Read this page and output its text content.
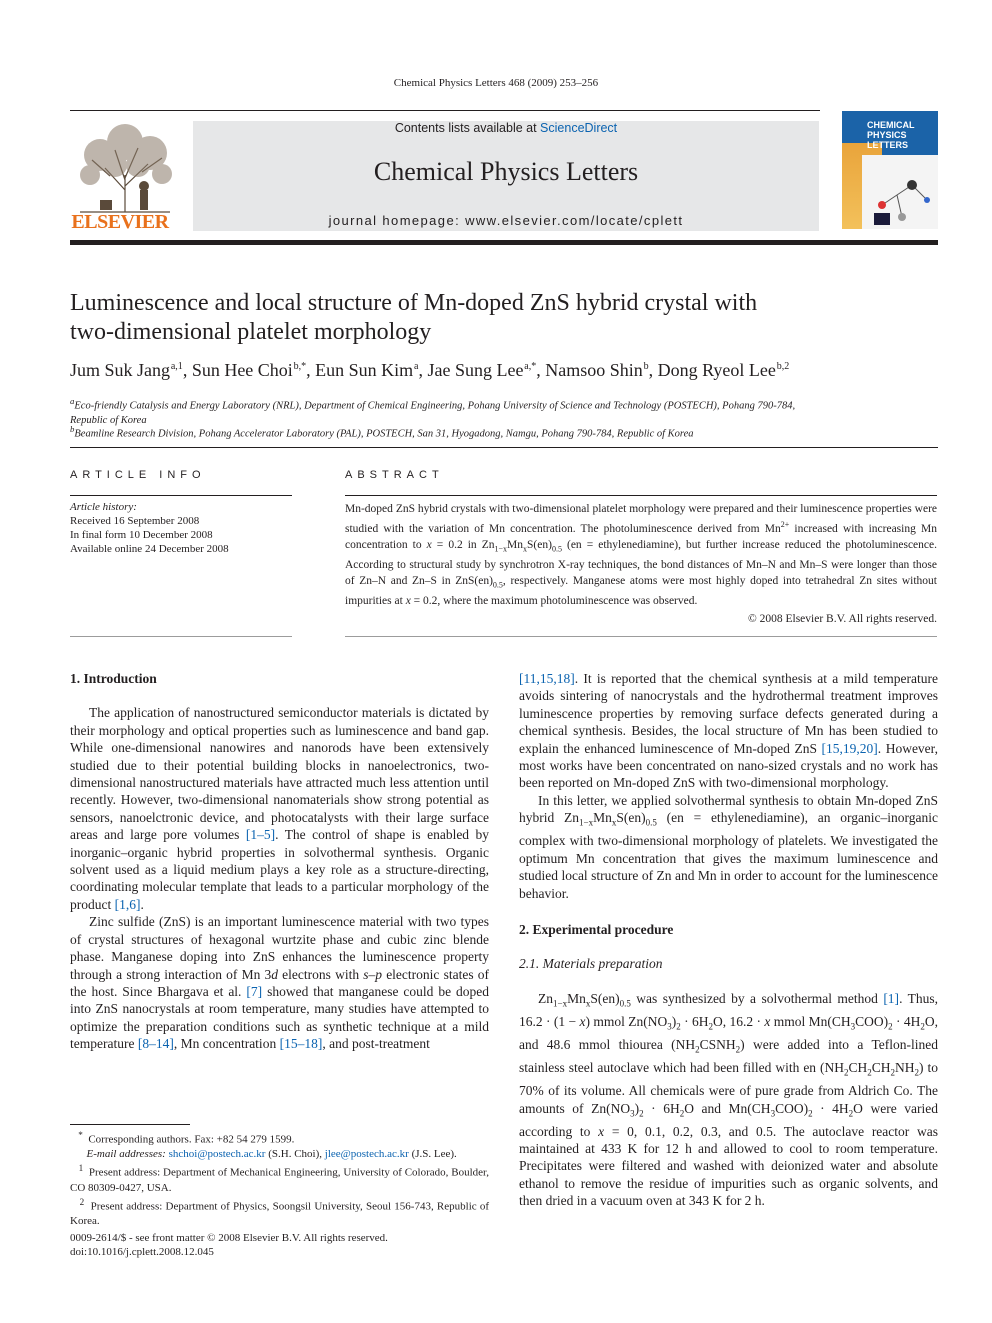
Chemical Physics Letters 468 (2009) 253–256
ELSEVIER
Contents lists available at ScienceDirect
Chemical Physics Letters
journal homepage: www.elsevier.com/locate/cplett
CHEMICAL
PHYSICS
LETTERS
Luminescence and local structure of Mn-doped ZnS hybrid crystal with
two-dimensional platelet morphology
Jum Suk Jang $^{a,1}$, Sun Hee Choi $^{b,*}$, Eun Sun Kim $^a$, Jae Sung Lee $^{a,*}$, Namsoo Shin $^b$, Dong Ryeol Lee $^{b,2}$
$^a$Eco-friendly Catalysis and Energy Laboratory (NRL), Department of Chemical Engineering, Pohang University of Science and Technology (POSTECH), Pohang 790-784,
Republic of Korea
$^b$Beamline Research Division, Pohang Accelerator Laboratory (PAL), POSTECH, San 31, Hyogadong, Namgu, Pohang 790-784, Republic of Korea
ARTICLE INFO
Article history:
Received 16 September 2008
In final form 10 December 2008
Available online 24 December 2008
ABSTRACT
Mn-doped ZnS hybrid crystals with two-dimensional platelet morphology were prepared and their luminescence properties were studied with the variation of Mn concentration. The photoluminescence derived from $Mn^{2+}$ increased with increasing Mn concentration to x = 0.2 in $Zn_{1-x}Mn_xS(en)_{0.5}$ (en = ethylenediamine), but further increase reduced the photoluminescence. According to structural study by synchrotron X-ray techniques, the bond distances of Mn–N and Mn–S were longer than those of Zn–N and Zn–S in $ZnS(en)_{0.5}$, respectively. Manganese atoms were most highly doped into tetrahedral Zn sites without impurities at x = 0.2, where the maximum photoluminescence was observed.
© 2008 Elsevier B.V. All rights reserved.
1. Introduction

The application of nanostructured semiconductor materials is dictated by their morphology and optical properties such as luminescence and band gap. While one-dimensional nanowires and nanorods have been extensively studied due to their potential building blocks in nanoelectronics, two-dimensional nanostructured materials have attracted much less attention until recently. However, two-dimensional nanomaterials show strong potential as sensors, nanoelctronic device, and photocatalysts with their large surface areas and large pore volumes [1–5]. The control of shape is enabled by inorganic–organic hybrid properties in solvothermal synthesis. Organic solvent used as a liquid medium plays a key role as a structure-directing, coordinating molecular template that leads to a particular morphology of the product [1,6].

Zinc sulfide (ZnS) is an important luminescence material with two types of crystal structures of hexagonal wurtzite phase and cubic zinc blende phase. Manganese doping into ZnS enhances the luminescence property through a strong interaction of Mn 3d electrons with s–p electronic states of the host. Since Bhargava et al. [7] showed that manganese could be doped into ZnS nanocrystals at room temperature, many studies have attempted to optimize the preparation conditions such as synthetic technique at a mild temperature [8–14], Mn concentration [15–18], and post-treatment

[11,15,18]. It is reported that the chemical synthesis at a mild temperature avoids sintering of nanocrystals and the hydrothermal treatment improves luminescence properties by removing surface defects generated during a chemical synthesis. Besides, the local structure of Mn has been studied to explain the enhanced luminescence of Mn-doped ZnS [15,19,20]. However, most works have been concentrated on nano-sized crystals and no work has been reported on Mn-doped ZnS with two-dimensional morphology.

In this letter, we applied solvothermal synthesis to obtain Mn-doped ZnS hybrid $Zn_{1-x}Mn_xS(en)_{0.5}$ (en = ethylenediamine), an organic–inorganic complex with two-dimensional morphology of platelets. We investigated the optimum Mn concentration that gives the maximum luminescence and studied local structure of Zn and Mn in order to account for the luminescence behavior.

2. Experimental procedure
2.1. Materials preparation

$Zn_{1-x}Mn_xS(en)_{0.5}$ was synthesized by a solvothermal method [1]. Thus, 16.2 · (1 − x) mmol $Zn(NO_3)_2 \cdot 6H_2O$, 16.2 · x mmol $Mn(CH_3COO)_2 \cdot 4H_2O$, and 48.6 mmol thiourea $(NH_2CSNH_2)$ were added into a Teflon-lined stainless steel autoclave which had been filled with en $(NH_2CH_2CH_2NH_2)$ to 70% of its volume. All chemicals were of pure grade from Aldrich Co. The amounts of $Zn(NO_3)_2 \cdot 6H_2O$ and $Mn(CH_3COO)_2 \cdot 4H_2O$ were varied according to x = 0, 0.1, 0.2, 0.3, and 0.5. The autoclave reactor was maintained at 433 K for 12 h and allowed to cool to room temperature. Precipitates were filtered and washed with deionized water and absolute ethanol to remove the residue of impurities such as organic solvents, and then dried in a vacuum oven at 343 K for 2 h.

* Corresponding authors. Fax: +82 54 279 1599.

E-mail addresses: shchoi@postech.ac.kr (S.H. Choi), jlee@postech.ac.kr (J.S. Lee).

$^1$ Present address: Department of Mechanical Engineering, University of Colorado, Boulder, CO 80309-0427, USA.

$^2$ Present address: Department of Physics, Soongsil University, Seoul 156-743, Republic of Korea.

0009-2614/$ - see front matter © 2008 Elsevier B.V. All rights reserved.
doi:10.1016/j.cplett.2008.12.045
